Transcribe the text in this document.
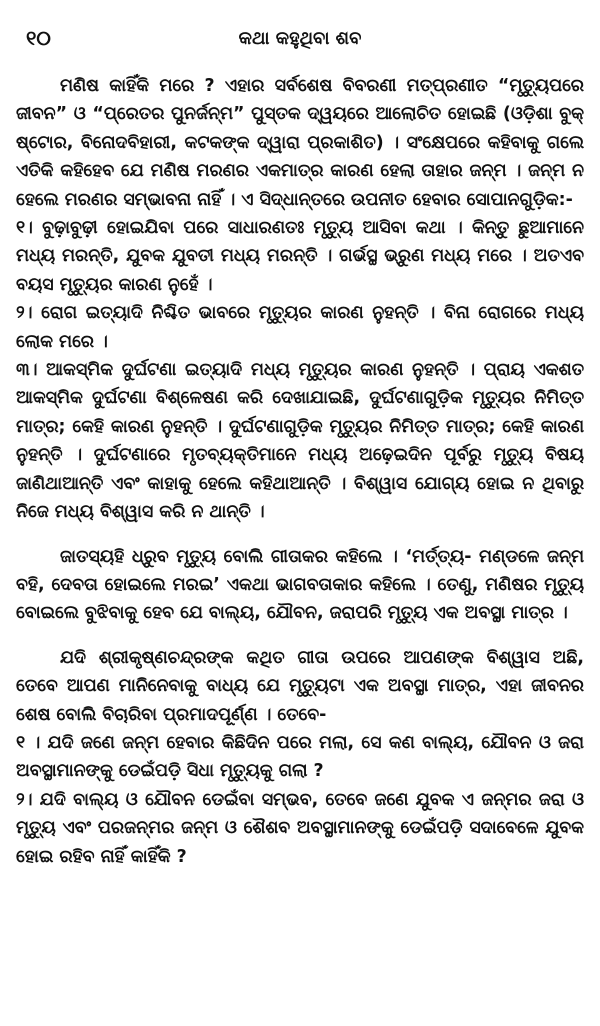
୧୦	କଥା କହୁଥିବା ଶବ

ମଣିଷ କାହିଁକି ମରେ ? ଏହାର ସର୍ବଶେଷ ବିବରଣୀ ମତ୍‌ପ୍ରଣୀତ “ମୃତ୍ୟୁପରେ ଜୀବନ” ଓ “ପ୍ରେତର ପୁନର୍ଜନ୍ମ” ପୁସ୍ତକ ଦ୍ୱୟରେ ଆଲୋଚିତ ହୋଇଛି (ଓଡ଼ିଶା ବୁକ୍ ଷ୍ଟୋର, ବିନୋଦବିହାରୀ, କଟକଙ୍କ ଦ୍ୱାରା ପ୍ରକାଶିତ) । ସଂକ୍ଷେପରେ କହିବାକୁ ଗଲେ ଏତିକି କହିହେବ ଯେ ମଣିଷ ମରଣର ଏକମାତ୍ର କାରଣ ହେଲା ତାହାର ଜନ୍ମ । ଜନ୍ମ ନ ହେଲେ ମରଣର ସମ୍ଭାବନା ନାହିଁ । ଏ ସିଦ୍ଧାନ୍ତରେ ଉପନୀତ ହେବାର ସୋପାନଗୁଡ଼ିକ:-

୧। ବୁଢ଼ାବୁଢ଼ୀ ହୋଇଯିବା ପରେ ସାଧାରଣତଃ ମୃତ୍ୟୁ ଆସିବା କଥା । କିନ୍ତୁ ଛୁଆମାନେ ମଧ୍ୟ ମରନ୍ତି, ଯୁବକ ଯୁବତୀ ମଧ୍ୟ ମରନ୍ତି । ଗର୍ଭସ୍ଥ ଭ୍ରୁଣ ମଧ୍ୟ ମରେ । ଅତଏବ ବୟସ ମୃତ୍ୟୁର କାରଣ ନୁହେଁ ।

୨। ରୋଗ ଇତ୍ୟାଦି ନିଶ୍ଚିତ ଭାବରେ ମୃତ୍ୟୁର କାରଣ ନୁହନ୍ତି । ବିନା ରୋଗରେ ମଧ୍ୟ ଲୋକ ମରେ ।

୩। ଆକସ୍ମିକ ଦୁର୍ଘଟଣା ଇତ୍ୟାଦି ମଧ୍ୟ ମୃତ୍ୟୁର କାରଣ ନୁହନ୍ତି । ପ୍ରାୟ ଏକଶତ ଆକସ୍ମିକ ଦୁର୍ଘଟଣା ବିଶ୍ଳେଷଣ କରି ଦେଖାଯାଇଛି, ଦୁର୍ଘଟଣାଗୁଡ଼ିକ ମୃତ୍ୟୁର ନିମିତ୍ତ ମାତ୍ର; କେହି କାରଣ ନୁହନ୍ତି । ଦୁର୍ଘଟଣାଗୁଡ଼ିକ ମୃତ୍ୟୁର ନିମିତ୍ତ ମାତ୍ର; କେହି କାରଣ ନୁହନ୍ତି । ଦୁର୍ଘଟଣାରେ ମୃତବ୍ୟକ୍ତିମାନେ ମଧ୍ୟ ଅଢ଼େଇଦିନ ପୂର୍ବରୁ ମୃତ୍ୟୁ ବିଷୟ ଜାଣିଥାଆନ୍ତି ଏବଂ କାହାକୁ ହେଲେ କହିଥାଆନ୍ତି । ବିଶ୍ୱାସ ଯୋଗ୍ୟ ହୋଇ ନ ଥିବାରୁ ନିଜେ ମଧ୍ୟ ବିଶ୍ୱାସ କରି ନ ଥାନ୍ତି ।

ଜାତସ୍ୟହି ଧ୍ରୁବ ମୃତ୍ୟୁ ବୋଲି ଗୀତାକର କହିଲେ । ‘ମର୍ତ୍ତ୍ୟ- ମଣ୍ଡଳେ ଜନ୍ମ ବହି, ଦେବତା ହୋଇଲେ ମରଇ’ ଏକଥା ଭାଗବତାକାର କହିଲେ । ତେଣୁ, ମଣିଷର ମୃତ୍ୟୁ ବୋଇଲେ ବୁଝିବାକୁ ହେବ ଯେ ବାଲ୍ୟ, ଯୌବନ, ଜରାପରି ମୃତ୍ୟୁ ଏକ ଅବସ୍ଥା ମାତ୍ର ।

ଯଦି ଶ୍ରୀକୃଷ୍ଣଚନ୍ଦ୍ରଙ୍କ କଥିତ ଗୀତା ଉପରେ ଆପଣଙ୍କ ବିଶ୍ୱାସ ଅଛି, ତେବେ ଆପଣ ମାନିନେବାକୁ ବାଧ୍ୟ ଯେ ମୃତ୍ୟୁଟା ଏକ ଅବସ୍ଥା ମାତ୍ର, ଏହା ଜୀବନର ଶେଷ ବୋଲି ବିଚାରିବା ପ୍ରମାଦପୂର୍ଣ୍ଣ । ତେବେ-

୧ । ଯଦି ଜଣେ ଜନ୍ମ ହେବାର କିଛିଦିନ ପରେ ମଲା, ସେ କଣ ବାଲ୍ୟ, ଯୌବନ ଓ ଜରା ଅବସ୍ଥାମାନଙ୍କୁ ଡେଇଁପଡ଼ି ସିଧା ମୃତ୍ୟୁକୁ ଗଲା ?

୨। ଯଦି ବାଲ୍ୟ ଓ ଯୌବନ ଡେଇଁବା ସମ୍ଭବ, ତେବେ ଜଣେ ଯୁବକ ଏ ଜନ୍ମର ଜରା ଓ ମୃତ୍ୟୁ ଏବଂ ପରଜନ୍ମର ଜନ୍ମ ଓ ଶୈଶବ ଅବସ୍ଥାମାନଙ୍କୁ ଡେଇଁପଡ଼ି ସଦାବେଳେ ଯୁବକ ହୋଇ ରହିବ ନାହିଁ କାହିଁକି ?
